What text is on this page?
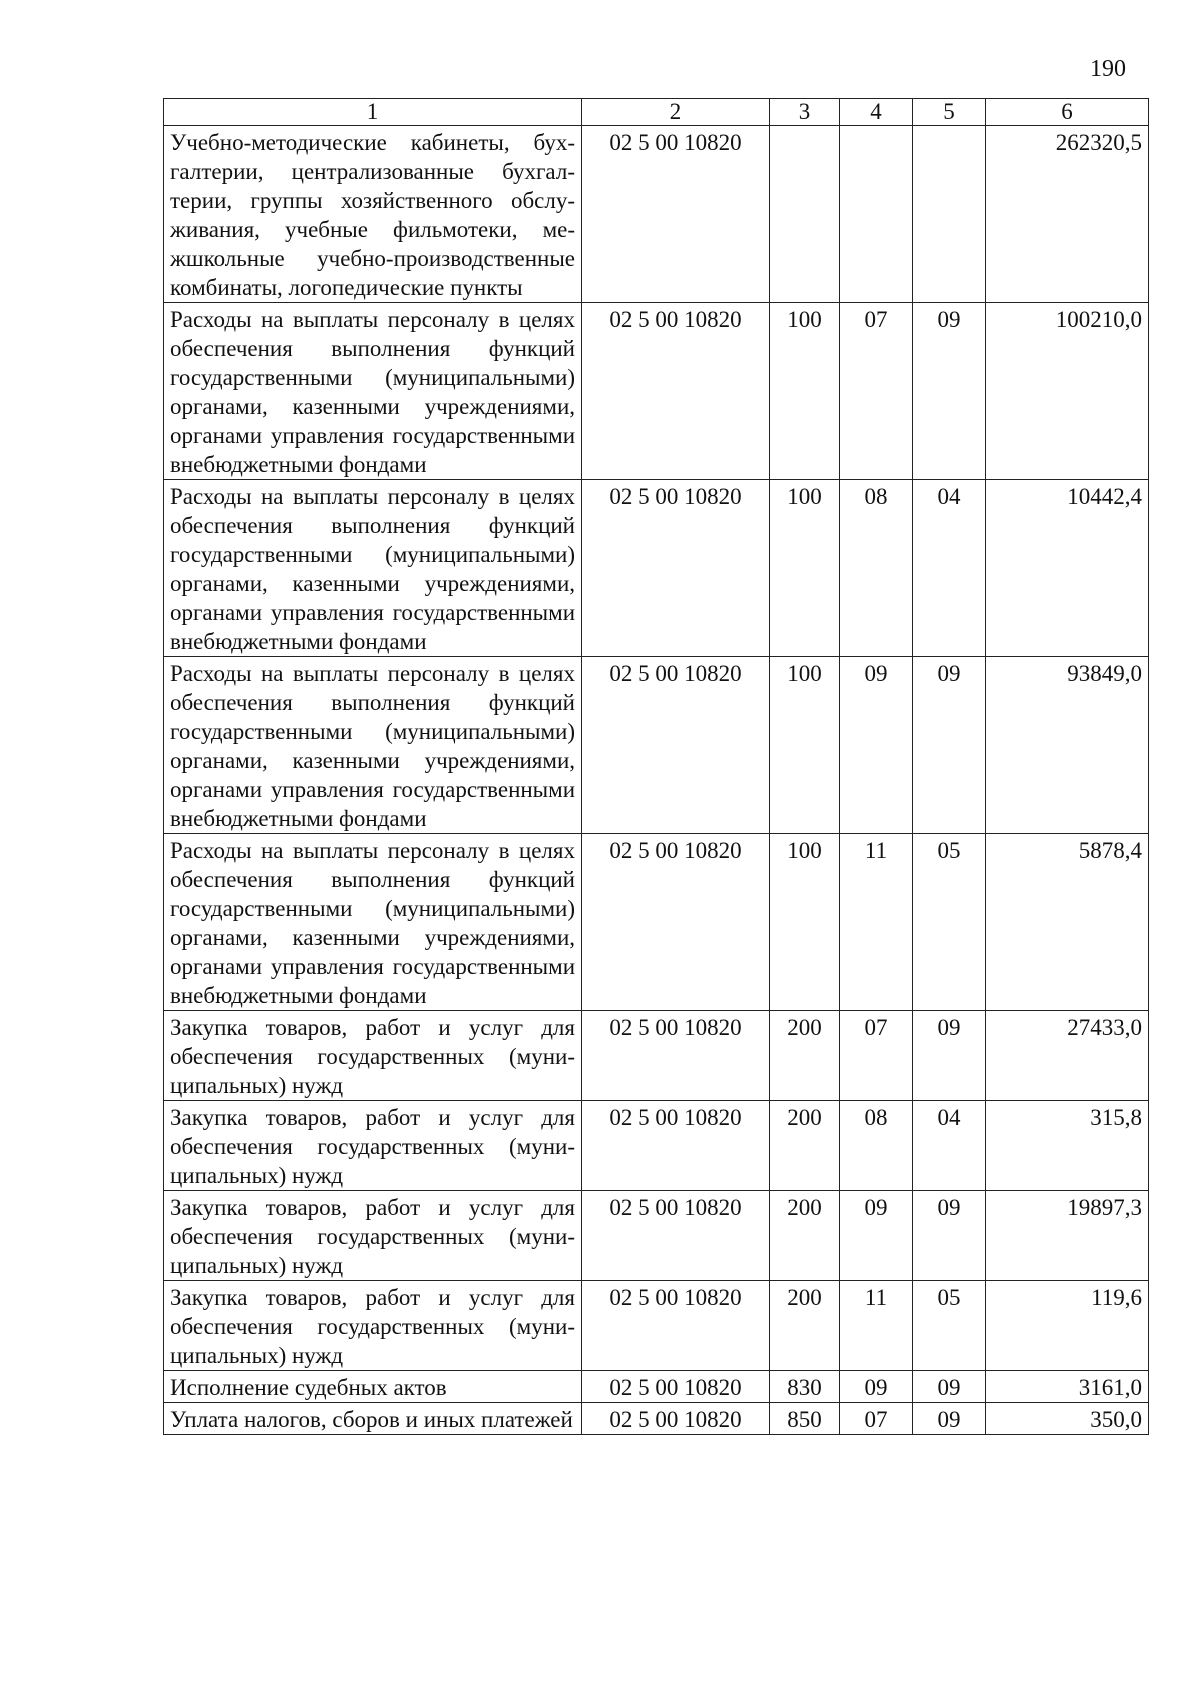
190
1	2	3	4	5	6
Учебно-методические кабинеты, бухгалтерии, централизованные бухгалтерии, группы хозяйственного обслуживания, учебные фильмотеки, межшкольные учебно-производственные комбинаты, логопедические пункты	02 5 00 10820				262320,5
Расходы на выплаты персоналу в целях обеспечения выполнения функций государственными (муниципальными) органами, казенными учреждениями, органами управления государственными внебюджетными фондами	02 5 00 10820	100	07	09	100210,0
Расходы на выплаты персоналу в целях обеспечения выполнения функций государственными (муниципальными) органами, казенными учреждениями, органами управления государственными внебюджетными фондами	02 5 00 10820	100	08	04	10442,4
Расходы на выплаты персоналу в целях обеспечения выполнения функций государственными (муниципальными) органами, казенными учреждениями, органами управления государственными внебюджетными фондами	02 5 00 10820	100	09	09	93849,0
Расходы на выплаты персоналу в целях обеспечения выполнения функций государственными (муниципальными) органами, казенными учреждениями, органами управления государственными внебюджетными фондами	02 5 00 10820	100	11	05	5878,4
Закупка товаров, работ и услуг для обеспечения государственных (муниципальных) нужд	02 5 00 10820	200	07	09	27433,0
Закупка товаров, работ и услуг для обеспечения государственных (муниципальных) нужд	02 5 00 10820	200	08	04	315,8
Закупка товаров, работ и услуг для обеспечения государственных (муниципальных) нужд	02 5 00 10820	200	09	09	19897,3
Закупка товаров, работ и услуг для обеспечения государственных (муниципальных) нужд	02 5 00 10820	200	11	05	119,6
Исполнение судебных актов	02 5 00 10820	830	09	09	3161,0
Уплата налогов, сборов и иных платежей	02 5 00 10820	850	07	09	350,0
